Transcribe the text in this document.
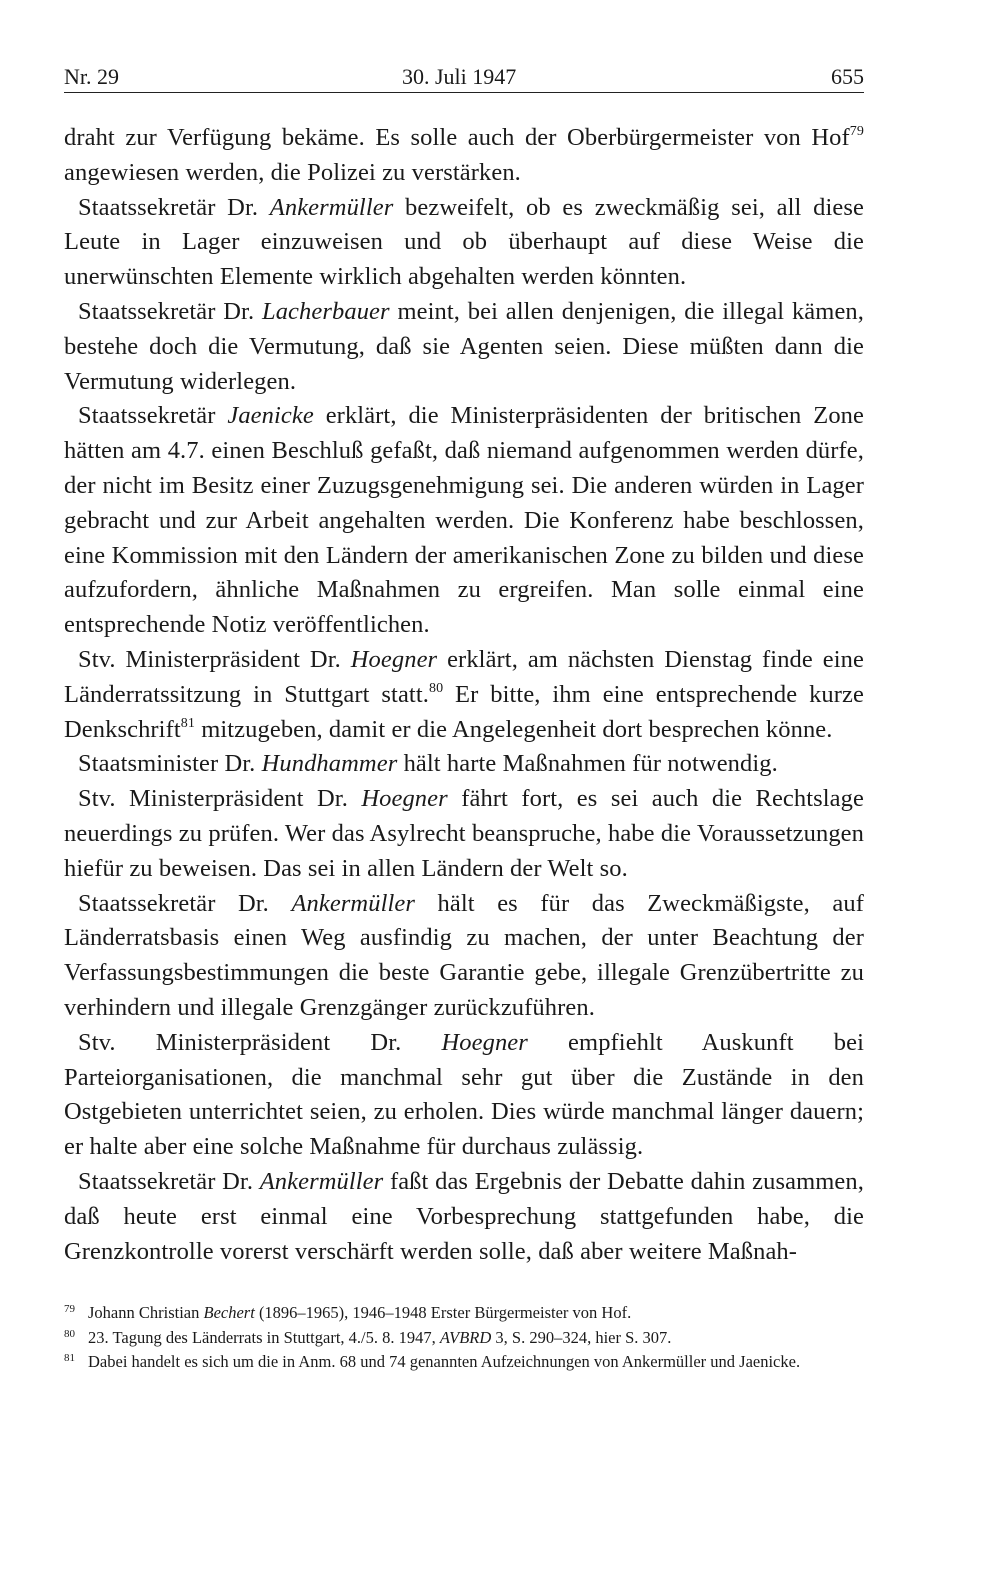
Nr. 29	30. Juli 1947	655

draht zur Verfügung bekäme. Es solle auch der Oberbürgermeister von Hof$^{79}$ angewiesen werden, die Polizei zu verstärken.

Staatssekretär Dr. Ankermüller bezweifelt, ob es zweckmäßig sei, all diese Leute in Lager einzuweisen und ob überhaupt auf diese Weise die unerwünschten Elemente wirklich abgehalten werden könnten.

Staatssekretär Dr. Lacherbauer meint, bei allen denjenigen, die illegal kämen, bestehe doch die Vermutung, daß sie Agenten seien. Diese müßten dann die Vermutung widerlegen.

Staatssekretär Jaenicke erklärt, die Ministerpräsidenten der britischen Zone hätten am 4.7. einen Beschluß gefaßt, daß niemand aufgenommen werden dürfe, der nicht im Besitz einer Zuzugsgenehmigung sei. Die anderen würden in Lager gebracht und zur Arbeit angehalten werden. Die Konferenz habe beschlossen, eine Kommission mit den Ländern der amerikanischen Zone zu bilden und diese aufzufordern, ähnliche Maßnahmen zu ergreifen. Man solle einmal eine entsprechende Notiz veröffentlichen.

Stv. Ministerpräsident Dr. Hoegner erklärt, am nächsten Dienstag finde eine Länderratssitzung in Stuttgart statt.$^{80}$ Er bitte, ihm eine entsprechende kurze Denkschrift$^{81}$ mitzugeben, damit er die Angelegenheit dort besprechen könne.

Staatsminister Dr. Hundhammer hält harte Maßnahmen für notwendig.

Stv. Ministerpräsident Dr. Hoegner fährt fort, es sei auch die Rechtslage neuerdings zu prüfen. Wer das Asylrecht beanspruche, habe die Voraussetzungen hiefür zu beweisen. Das sei in allen Ländern der Welt so.

Staatssekretär Dr. Ankermüller hält es für das Zweckmäßigste, auf Länderratsbasis einen Weg ausfindig zu machen, der unter Beachtung der Verfassungsbestimmungen die beste Garantie gebe, illegale Grenzübertritte zu verhindern und illegale Grenzgänger zurückzuführen.

Stv. Ministerpräsident Dr. Hoegner empfiehlt Auskunft bei Parteiorganisationen, die manchmal sehr gut über die Zustände in den Ostgebieten unterrichtet seien, zu erholen. Dies würde manchmal länger dauern; er halte aber eine solche Maßnahme für durchaus zulässig.

Staatssekretär Dr. Ankermüller faßt das Ergebnis der Debatte dahin zusammen, daß heute erst einmal eine Vorbesprechung stattgefunden habe, die Grenzkontrolle vorerst verschärft werden solle, daß aber weitere Maßnah-

79 Johann Christian Bechert (1896–1965), 1946–1948 Erster Bürgermeister von Hof.
80 23. Tagung des Länderrats in Stuttgart, 4./5. 8. 1947, AVBRD 3, S. 290–324, hier S. 307.
81 Dabei handelt es sich um die in Anm. 68 und 74 genannten Aufzeichnungen von Ankermüller und Jaenicke.
